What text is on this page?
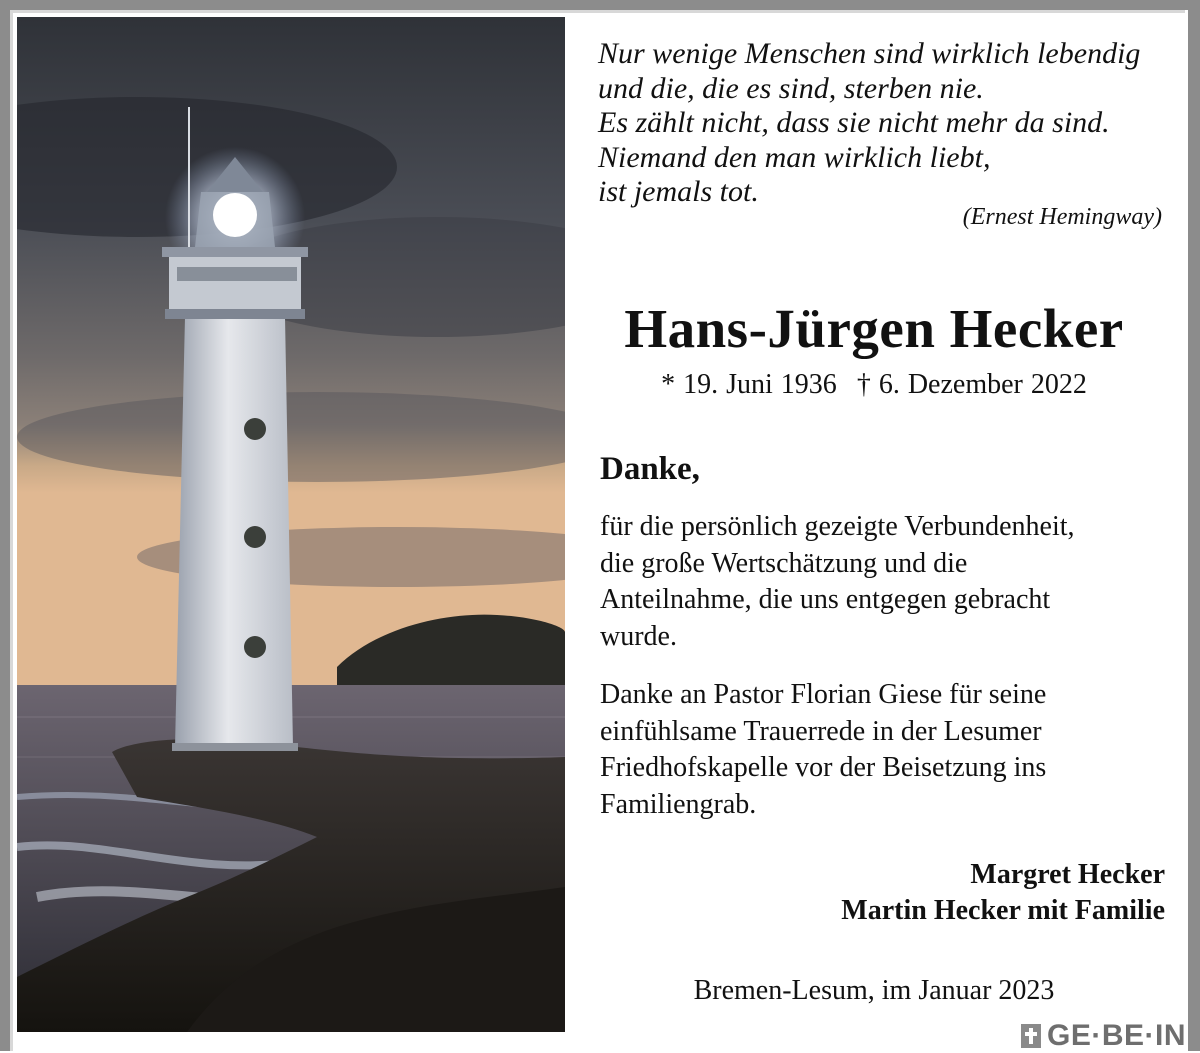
Nur wenige Menschen sind wirklich lebendig
und die, die es sind, sterben nie.
Es zählt nicht, dass sie nicht mehr da sind.
Niemand den man wirklich liebt,
ist jemals tot.
(Ernest Hemingway)
Hans-Jürgen Hecker
* 19. Juni 1936 † 6. Dezember 2022
Danke,
für die persönlich gezeigte Verbundenheit,
die große Wertschätzung und die
Anteilnahme, die uns entgegen gebracht
wurde.
Danke an Pastor Florian Giese für seine
einfühlsame Trauerrede in der Lesumer
Friedhofskapelle vor der Beisetzung ins
Familiengrab.
Margret Hecker
Martin Hecker mit Familie
Bremen-Lesum, im Januar 2023
GE·BE·IN
